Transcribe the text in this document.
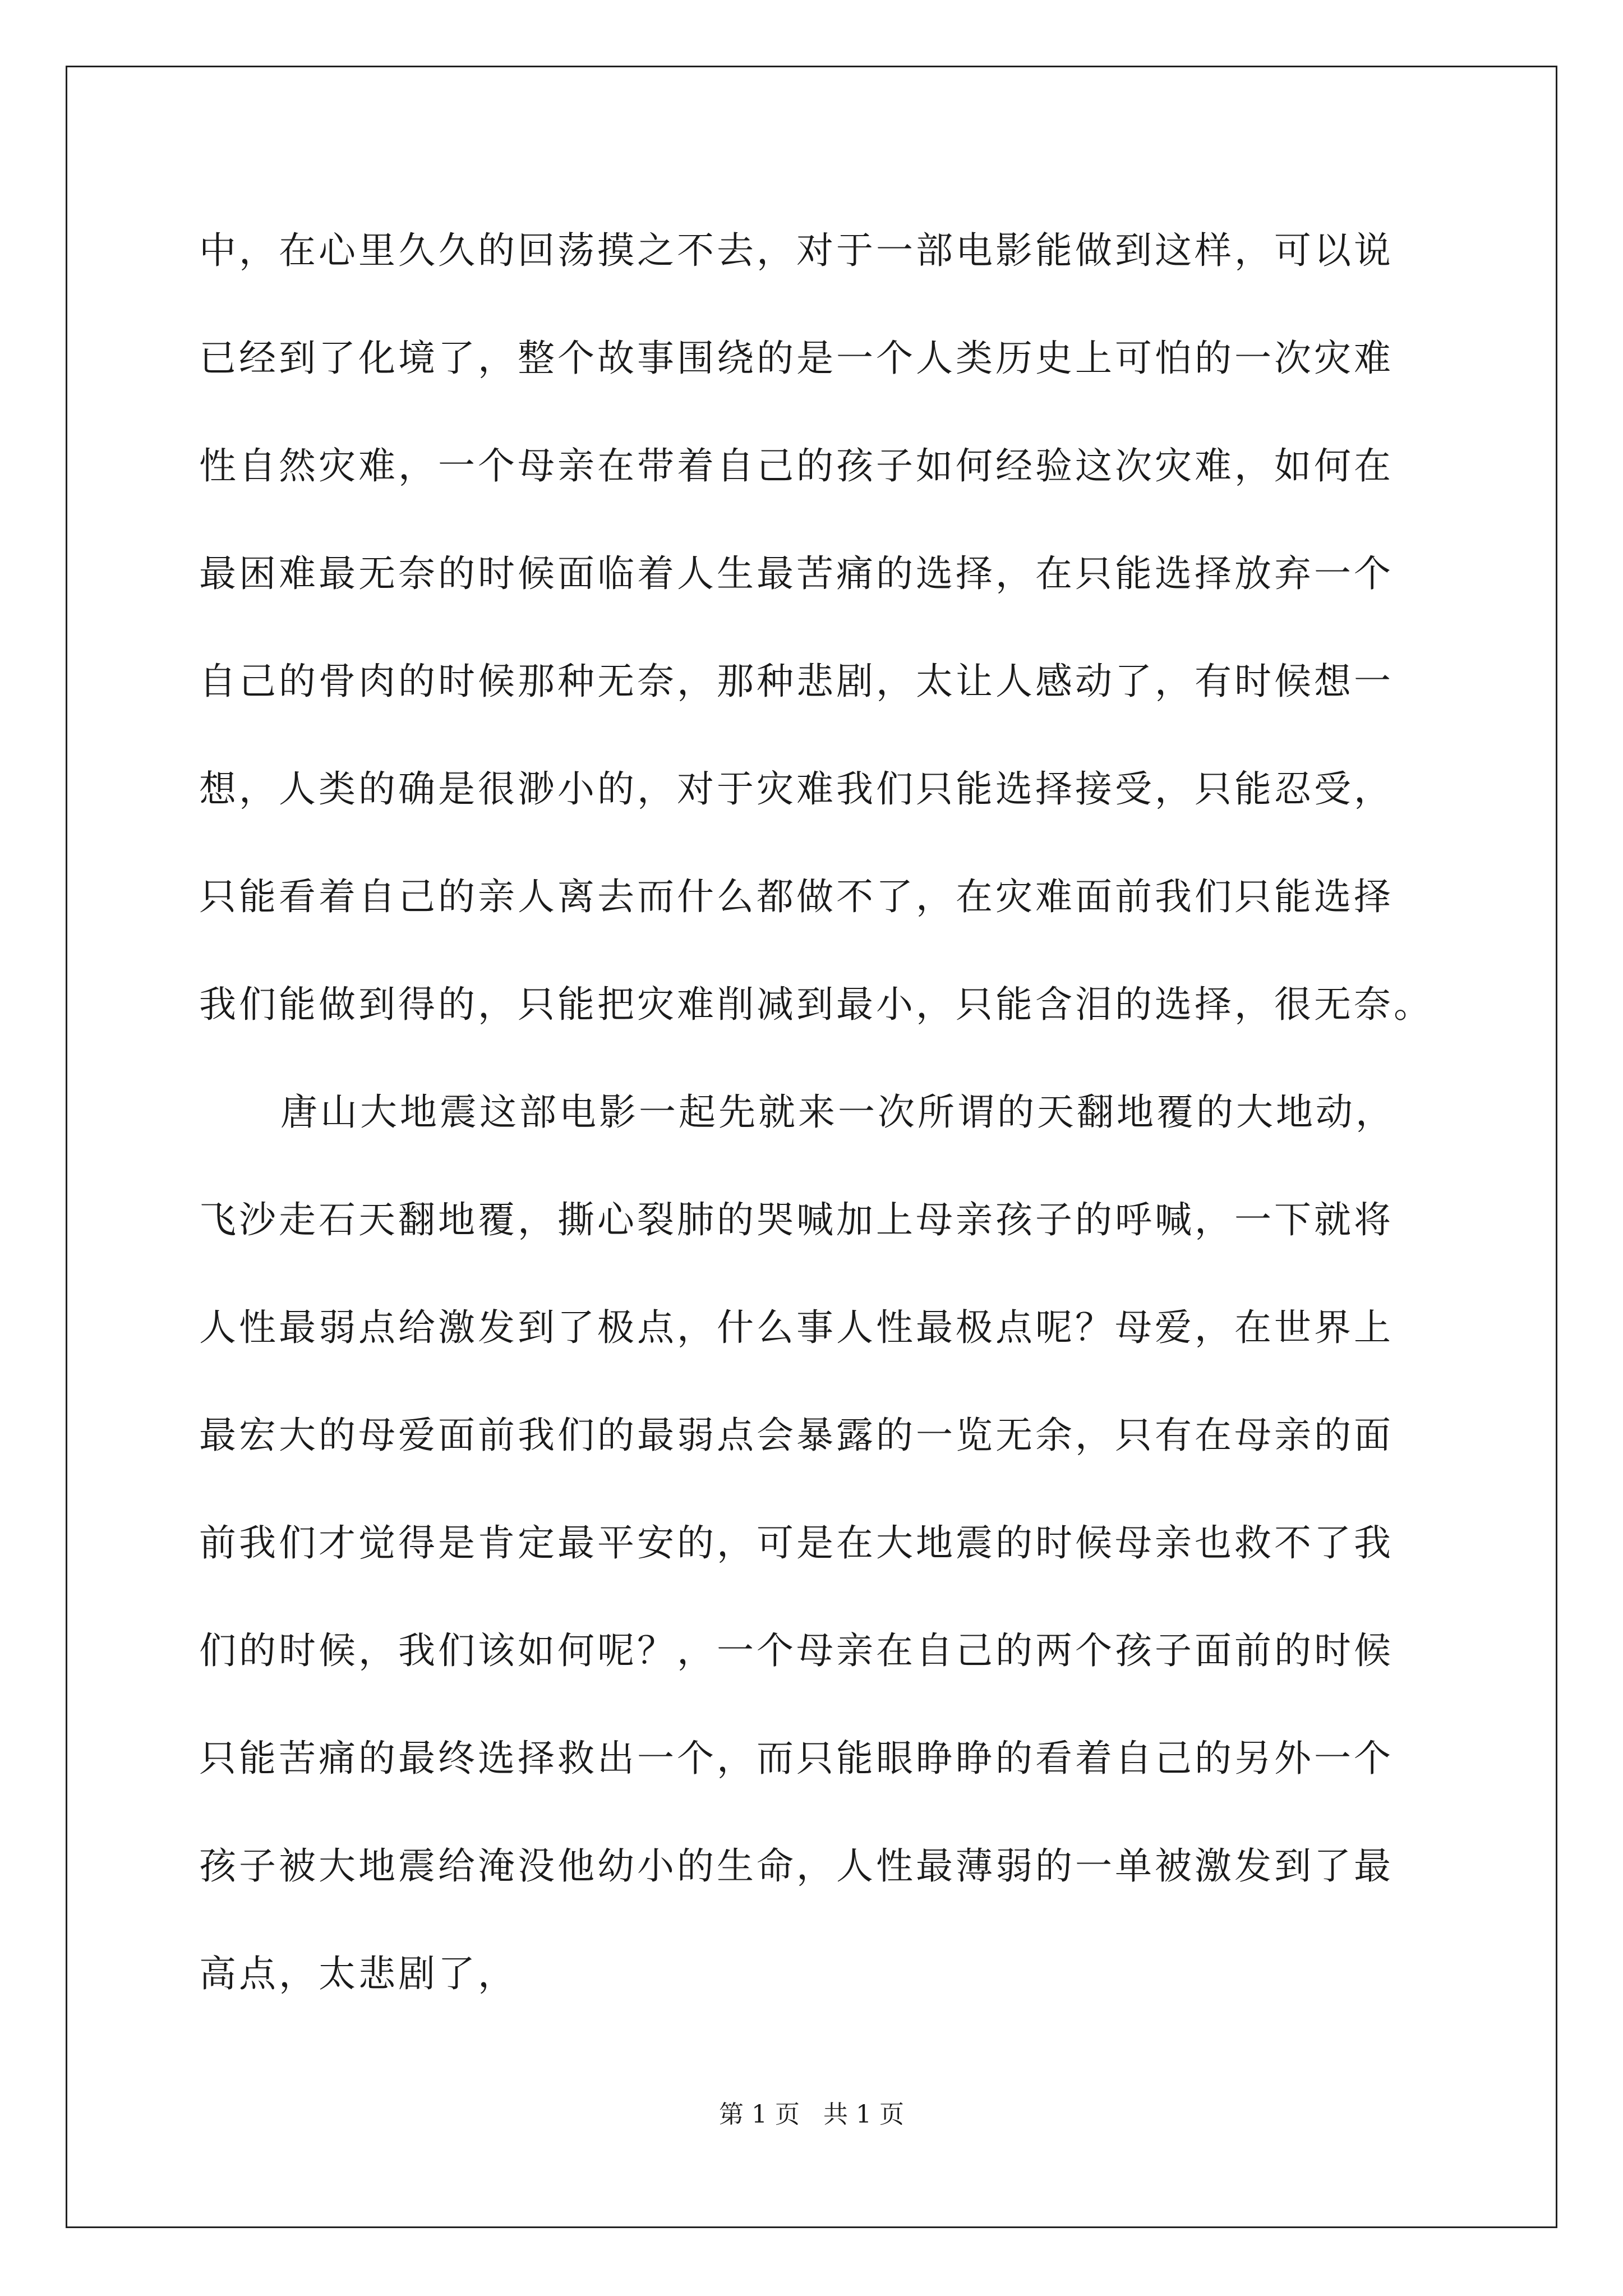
中，在心里久久的回荡摸之不去，对于一部电影能做到这样，可以说
已经到了化境了，整个故事围绕的是一个人类历史上可怕的一次灾难
性自然灾难，一个母亲在带着自己的孩子如何经验这次灾难，如何在
最困难最无奈的时候面临着人生最苦痛的选择，在只能选择放弃一个
自己的骨肉的时候那种无奈，那种悲剧，太让人感动了，有时候想一
想，人类的确是很渺小的，对于灾难我们只能选择接受，只能忍受，
只能看着自己的亲人离去而什么都做不了，在灾难面前我们只能选择
我们能做到得的，只能把灾难削减到最小，只能含泪的选择，很无奈。
唐山大地震这部电影一起先就来一次所谓的天翻地覆的大地动，
飞沙走石天翻地覆，撕心裂肺的哭喊加上母亲孩子的呼喊，一下就将
人性最弱点给激发到了极点，什么事人性最极点呢？母爱，在世界上
最宏大的母爱面前我们的最弱点会暴露的一览无余，只有在母亲的面
前我们才觉得是肯定最平安的，可是在大地震的时候母亲也救不了我
们的时候，我们该如何呢？，一个母亲在自己的两个孩子面前的时候
只能苦痛的最终选择救出一个，而只能眼睁睁的看着自己的另外一个
孩子被大地震给淹没他幼小的生命，人性最薄弱的一单被激发到了最
高点，太悲剧了，
第 1 页   共 1 页
